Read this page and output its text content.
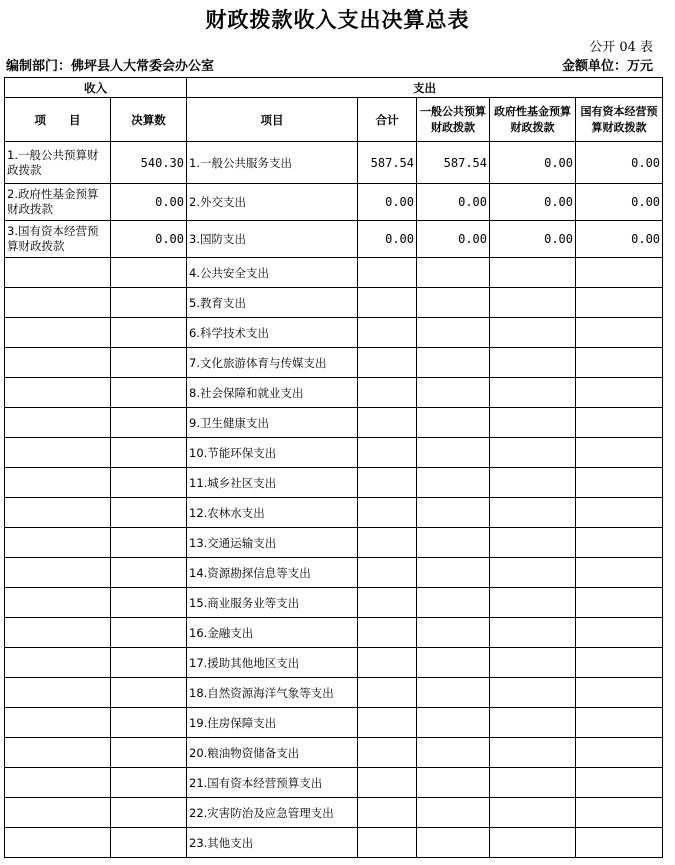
财政拨款收入支出决算总表
公开 04 表
编制部门：佛坪县人大常委会办公室	金额单位：万元
收入		支出				
项　　目	决算数	项目	合计	一般公共预算财政拨款	政府性基金预算财政拨款	国有资本经营预算财政拨款
1.一般公共预算财政拨款	540.30	1.一般公共服务支出	587.54	587.54	0.00	0.00
2.政府性基金预算财政拨款	0.00	2.外交支出	0.00	0.00	0.00	0.00
3.国有资本经营预算财政拨款	0.00	3.国防支出	0.00	0.00	0.00	0.00
		4.公共安全支出				
		5.教育支出				
		6.科学技术支出				
		7.文化旅游体育与传媒支出				
		8.社会保障和就业支出				
		9.卫生健康支出				
		10.节能环保支出				
		11.城乡社区支出				
		12.农林水支出				
		13.交通运输支出				
		14.资源勘探信息等支出				
		15.商业服务业等支出				
		16.金融支出				
		17.援助其他地区支出				
		18.自然资源海洋气象等支出				
		19.住房保障支出				
		20.粮油物资储备支出				
		21.国有资本经营预算支出				
		22.灾害防治及应急管理支出				
		23.其他支出				
